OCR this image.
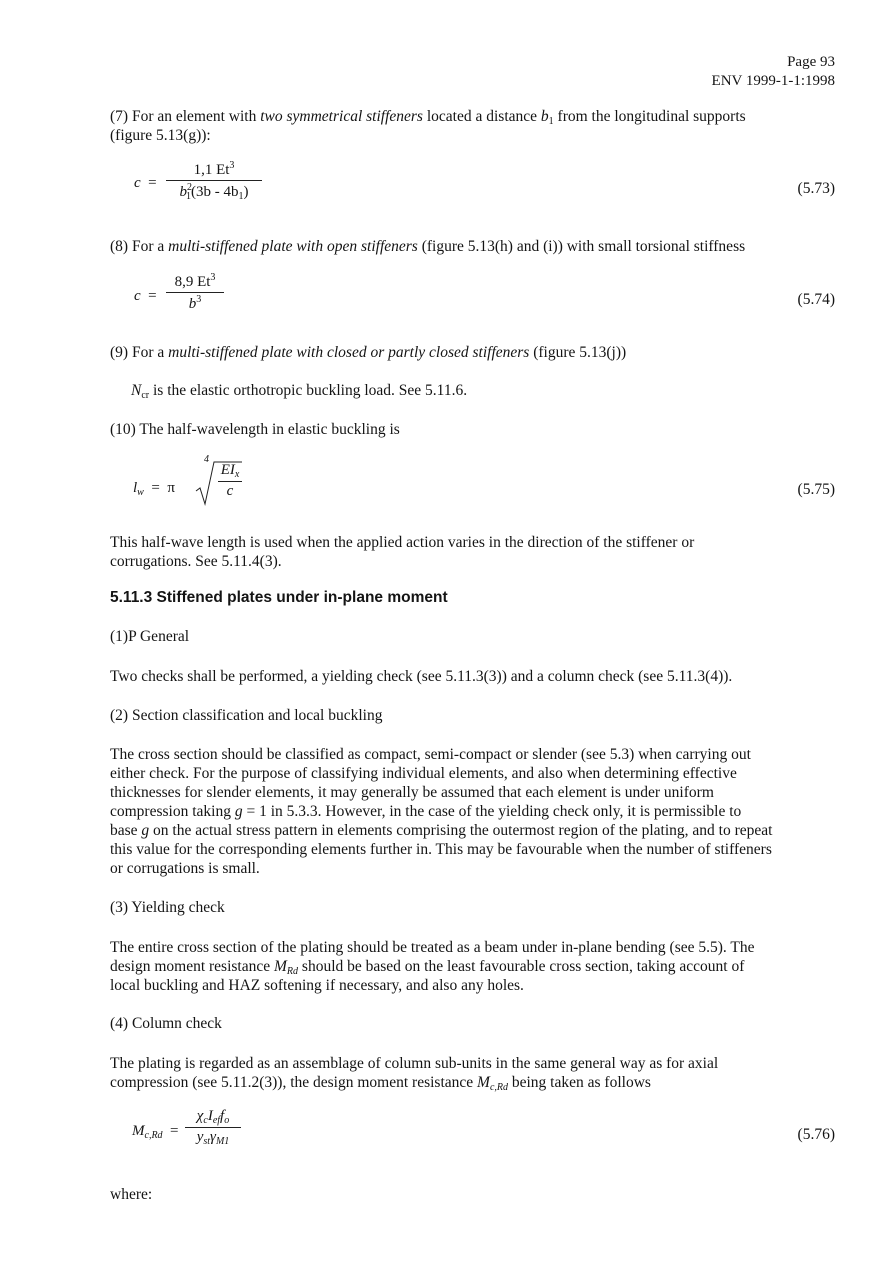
Page 93
ENV 1999-1-1:1998

(7) For an element with two symmetrical stiffeners located a distance $b_1$ from the longitudinal supports

(figure 5.13(g)):

c =
1,1 Et$^3$
$b^2_1(3b - 4b_1)$	(5.73)

(8) For a multi-stiffened plate with open stiffeners (figure 5.13(h) and (i)) with small torsional stiffness

c =
8,9 Et$^3$
$b^3$	(5.74)

(9) For a multi-stiffened plate with closed or partly closed stiffeners (figure 5.13(j))

$N_{cr}$ is the elastic orthotropic buckling load. See 5.11.6.

(10) The half-wavelength in elastic buckling is

$l_w = \pi$
4
$EI_x$
c	(5.75)

This half-wave length is used when the applied action varies in the direction of the stiffener or

corrugations. See 5.11.4(3).

5.11.3 Stiffened plates under in-plane moment

(1)P General

Two checks shall be performed, a yielding check (see 5.11.3(3)) and a column check (see 5.11.3(4)).

(2) Section classification and local buckling

The cross section should be classified as compact, semi-compact or slender (see 5.3) when carrying out

either check. For the purpose of classifying individual elements, and also when determining effective

thicknesses for slender elements, it may generally be assumed that each element is under uniform

compression taking g = 1 in 5.3.3. However, in the case of the yielding check only, it is permissible to

base g on the actual stress pattern in elements comprising the outermost region of the plating, and to repeat

this value for the corresponding elements further in. This may be favourable when the number of stiffeners

or corrugations is small.

(3) Yielding check

The entire cross section of the plating should be treated as a beam under in-plane bending (see 5.5). The

design moment resistance $M_{Rd}$ should be based on the least favourable cross section, taking account of

local buckling and HAZ softening if necessary, and also any holes.

(4) Column check

The plating is regarded as an assemblage of column sub-units in the same general way as for axial

compression (see 5.11.2(3)), the design moment resistance $M_{c,Rd}$ being taken as follows

$M_{c,Rd}$ =
$\chi_cI_{ef}f_o$
$y_{st}\gamma_{M1}$	(5.76)

where:
